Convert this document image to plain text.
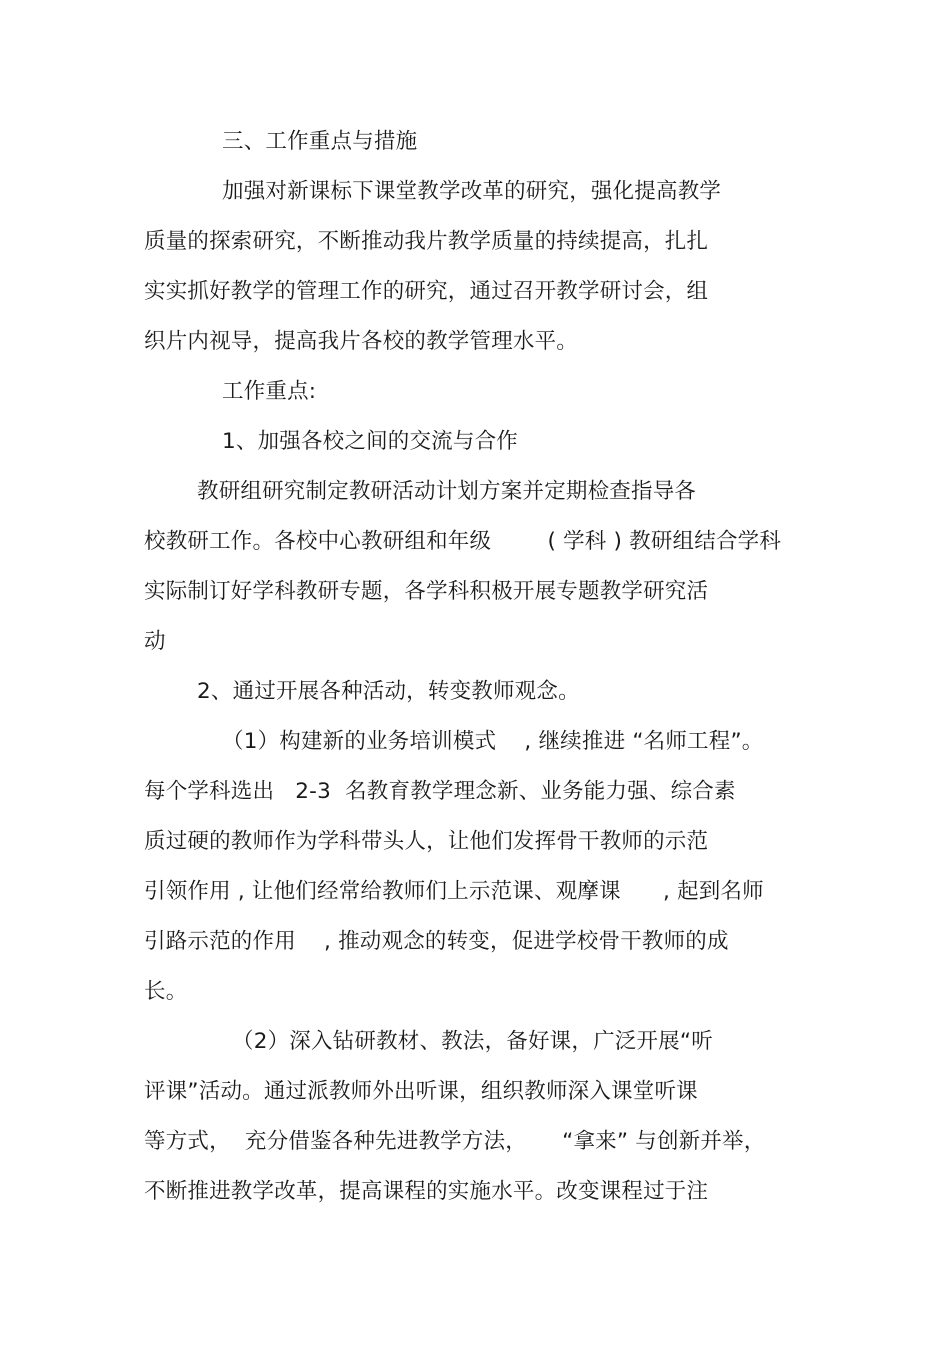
三、工作重点与措施
加强对新课标下课堂教学改革的研究，强化提高教学
质量的探索研究，不断推动我片教学质量的持续提高，扎扎
实实抓好教学的管理工作的研究，通过召开教学研讨会，组
织片内视导，提高我片各校的教学管理水平。
工作重点:
1、加强各校之间的交流与合作
教研组研究制定教研活动计划方案并定期检查指导各
校教研工作。各校中心教研组和年级        ( 学科 ) 教研组结合学科
实际制订好学科教研专题，各学科积极开展专题教学研究活
动
2、通过开展各种活动，转变教师观念。
（1）构建新的业务培训模式    , 继续推进 “名师工程”。
每个学科选出   2-3  名教育教学理念新、业务能力强、综合素
质过硬的教师作为学科带头人，让他们发挥骨干教师的示范
引领作用 , 让他们经常给教师们上示范课、观摩课      , 起到名师
引路示范的作用    , 推动观念的转变，促进学校骨干教师的成
长。
（2）深入钻研教材、教法，备好课，广泛开展“听
评课”活动。通过派教师外出听课，组织教师深入课堂听课
等方式，  充分借鉴各种先进教学方法，     “拿来” 与创新并举，
不断推进教学改革，提高课程的实施水平。改变课程过于注
